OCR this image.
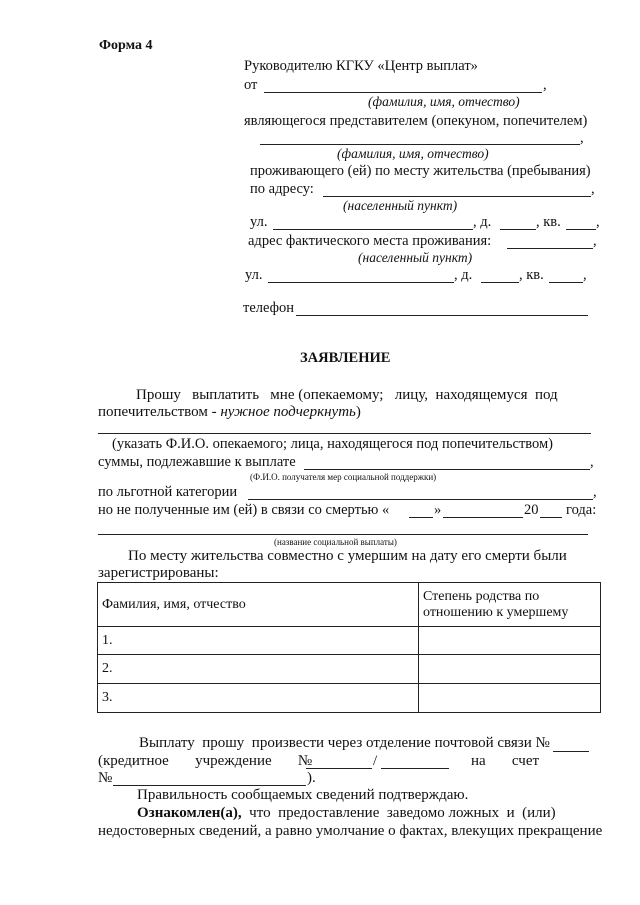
Форма 4
Руководителю КГКУ «Центр выплат»
от	,
(фамилия, имя, отчество)
являющегося представителем (опекуном, попечителем)
,
(фамилия, имя, отчество)
проживающего (ей) по месту жительства (пребывания)
по адресу:	,
(населенный пункт)
ул.	, д.	, кв. ,
адрес фактического места проживания:	,
(населенный пункт)
ул.	, д.	, кв.	,
телефон
ЗАЯВЛЕНИЕ
Прошу   выплатить   мне (опекаемому;   лицу,  находящемуся  под
попечительством - нужное подчеркнуть)
(указать Ф.И.О. опекаемого; лица, находящегося под попечительством)
суммы, подлежавшие к выплате	,
(Ф.И.О. получателя мер социальной поддержки)
по льготной категории	,
но не полученные им (ей) в связи со смертью «	»	20 года:
(название социальной выплаты)
По месту жительства совместно с умершим на дату его смерти были
зарегистрированы:
Фамилия, имя, отчество	Степень родства по
отношению к умершему
1.	
2.	
3.	
Выплату  прошу  произвести через отделение почтовой связи №
(кредитное       учреждение       №	/	на       счет
№	).
Правильность сообщаемых сведений подтверждаю.
Ознакомлен(а),  что  предоставление  заведомо ложных  и  (или)
недостоверных сведений, а равно умолчание о фактах, влекущих прекращение
